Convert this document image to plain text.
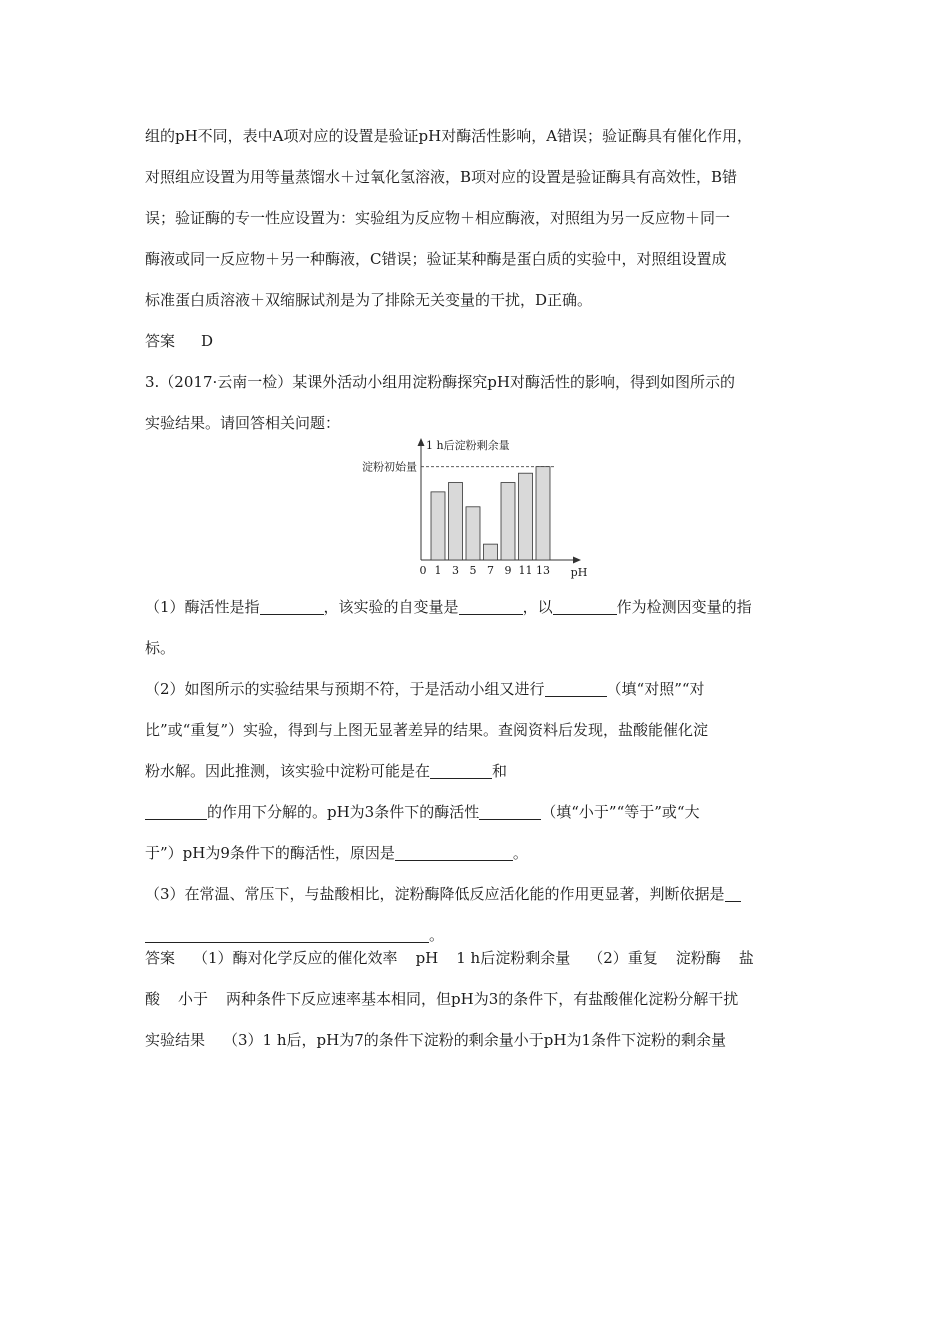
组的pH不同，表中A项对应的设置是验证pH对酶活性影响，A错误；验证酶具有催化作用，
对照组应设置为用等量蒸馏水＋过氧化氢溶液，B项对应的设置是验证酶具有高效性，B错
误；验证酶的专一性应设置为：实验组为反应物＋相应酶液，对照组为另一反应物＋同一
酶液或同一反应物＋另一种酶液，C错误；验证某种酶是蛋白质的实验中，对照组设置成
标准蛋白质溶液＋双缩脲试剂是为了排除无关变量的干扰，D正确。
答案 D
3.（2017·云南一检）某课外活动小组用淀粉酶探究pH对酶活性的影响，得到如图所示的
实验结果。请回答相关问题：
1 h后淀粉剩余量
淀粉初始量
0 1 3 5 7 9 11 13 pH
（1）酶活性是指	，该实验的自变量是	，以	作为检测因变量的指
标。
（2）如图所示的实验结果与预期不符，于是活动小组又进行	（填“对照”“对
比”或“重复”）实验，得到与上图无显著差异的结果。查阅资料后发现，盐酸能催化淀
粉水解。因此推测，该实验中淀粉可能是在	和
的作用下分解的。pH为3条件下的酶活性	（填“小于”“等于”或“大
于”）pH为9条件下的酶活性，原因是	。
（3）在常温、常压下，与盐酸相比，淀粉酶降低反应活化能的作用更显著，判断依据是
。
答案 （1）酶对化学反应的催化效率 pH 1 h后淀粉剩余量 （2）重复 淀粉酶 盐
酸 小于 两种条件下反应速率基本相同，但pH为3的条件下，有盐酸催化淀粉分解干扰
实验结果 （3）1 h后，pH为7的条件下淀粉的剩余量小于pH为1条件下淀粉的剩余量
